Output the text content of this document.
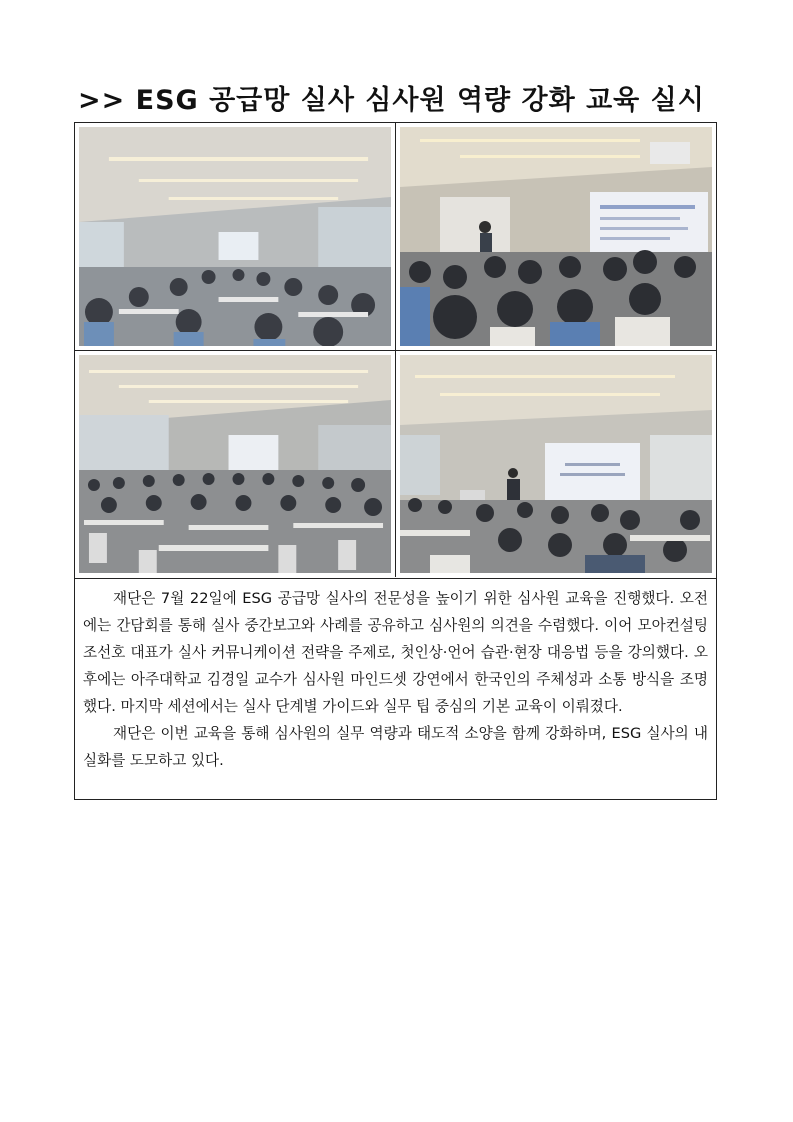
>> ESG 공급망 실사 심사원 역량 강화 교육 실시

재단은 7월 22일에 ESG 공급망 실사의 전문성을 높이기 위한 심사원 교육을 진행했다. 오전에는 간담회를 통해 실사 중간보고와 사례를 공유하고 심사원의 의견을 수렴했다. 이어 모아컨설팅 조선호 대표가 실사 커뮤니케이션 전략을 주제로, 첫인상·언어 습관·현장 대응법 등을 강의했다. 오후에는 아주대학교 김경일 교수가 심사원 마인드셋 강연에서 한국인의 주체성과 소통 방식을 조명했다. 마지막 세션에서는 실사 단계별 가이드와 실무 팁 중심의 기본 교육이 이뤄졌다.

재단은 이번 교육을 통해 심사원의 실무 역량과 태도적 소양을 함께 강화하며, ESG 실사의 내실화를 도모하고 있다.
